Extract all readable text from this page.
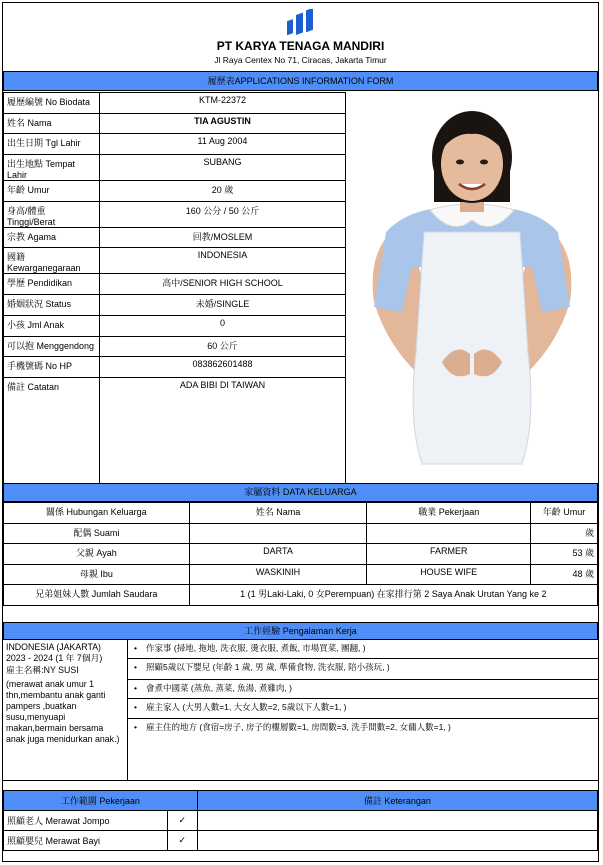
PT KARYA TENAGA MANDIRI
Jl Raya Centex No 71, Ciracas, Jakarta Timur
履歷表APPLICATIONS INFORMATION FORM
履歷編號 No Biodata	KTM-22372
姓名 Nama	TIA AGUSTIN
出生日期 Tgl Lahir	11 Aug 2004
出生地點 Tempat Lahir	SUBANG
年齡 Umur	20 歲
身高/體重 Tinggi/Berat	160 公分 / 50 公斤
宗教 Agama	回教/MOSLEM
國籍 Kewarganegaraan	INDONESIA
學歷 Pendidikan	高中/SENIOR HIGH SCHOOL
婚姻狀況 Status	未婚/SINGLE
小孩 Jml Anak	0
可以抱 Menggendong	60 公斤
手機號碼 No HP	083862601488
備註 Catatan	ADA BIBI DI TAIWAN
家屬資料 DATA KELUARGA
關係 Hubungan Keluarga	姓名 Nama	職業 Pekerjaan	年齡 Umur
配偶 Suami			歲
父親 Ayah	DARTA	FARMER	53 歲
母親 Ibu	WASKINIH	HOUSE WIFE	48 歲
兄弟姐妹人數 Jumlah Saudara	1 (1 男Laki-Laki, 0 女Perempuan) 在家排行第 2 Saya Anak Urutan Yang ke 2		
工作經驗 Pengalaman Kerja
INDONESIA (JAKARTA)
2023 - 2024 (1 年 7個月)
雇主名稱:NY SUSI
(merawat anak umur 1 thn,membantu anak ganti pampers ,buatkan susu,menyuapi makan,bermain bersama anak juga menidurkan anak.)
• 作家事 (掃地, 拖地, 洗衣服, 燙衣服, 煮飯, 市場買菜, 團翻, )
• 照顧5歲以下嬰兒 (年齡 1 歲, 男 歲, 準備食物, 洗衣服, 陪小孩玩, )
• 會煮中國菜 (蒸魚, 蒸菜, 魚湯, 煮雞肉, )
• 雇主家人 (大男人數=1, 大女人數=2, 5歲以下人數=1, )
• 雇主住的地方 (食宿=房子, 房子的樓層數=1, 房間數=3, 洗手間數=2, 女傭人數=1, )
工作範圍 Pekerjaan		備註 Keterangan
照顧老人 Merawat Jompo	✓	
照顧嬰兒 Merawat Bayi	✓	
